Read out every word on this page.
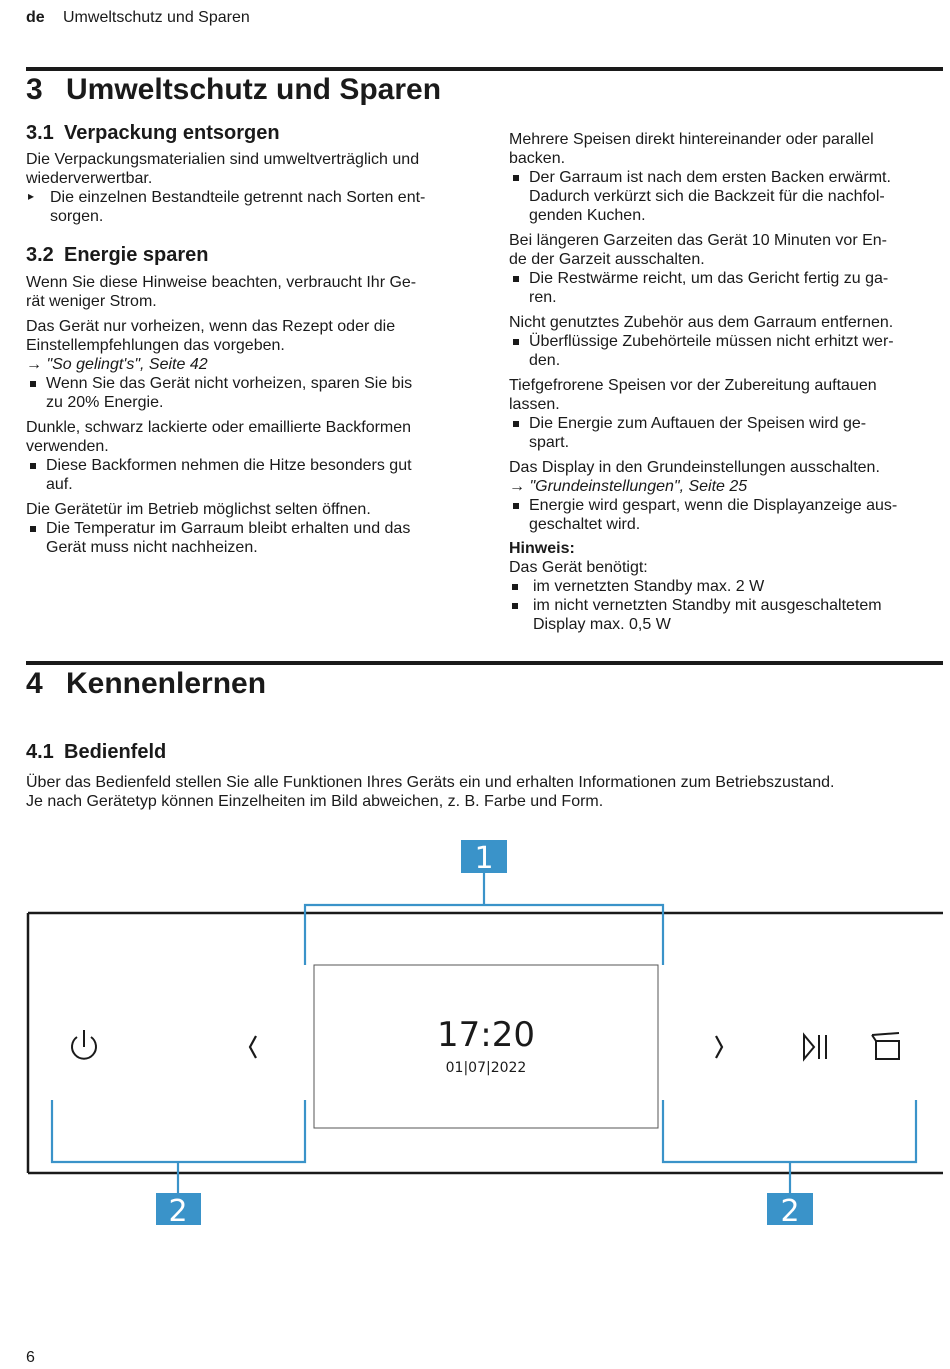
de Umweltschutz und Sparen
3 Umweltschutz und Sparen
3.1 Verpackung entsorgen

Die Verpackungsmaterialien sind umweltverträglich und
wiederverwertbar.

▸ Die einzelnen Bestandteile getrennt nach Sorten ent-
sorgen.

3.2 Energie sparen

Wenn Sie diese Hinweise beachten, verbraucht Ihr Ge-
rät weniger Strom.

Das Gerät nur vorheizen, wenn das Rezept oder die
Einstellempfehlungen das vorgeben.

→ "So gelingt's", Seite 42

Wenn Sie das Gerät nicht vorheizen, sparen Sie bis
zu 20% Energie.

Dunkle, schwarz lackierte oder emaillierte Backformen
verwenden.

Diese Backformen nehmen die Hitze besonders gut
auf.

Die Gerätetür im Betrieb möglichst selten öffnen.

Die Temperatur im Garraum bleibt erhalten und das
Gerät muss nicht nachheizen.

Mehrere Speisen direkt hintereinander oder parallel
backen.

Der Garraum ist nach dem ersten Backen erwärmt.
Dadurch verkürzt sich die Backzeit für die nachfol-
genden Kuchen.

Bei längeren Garzeiten das Gerät 10 Minuten vor En-
de der Garzeit ausschalten.

Die Restwärme reicht, um das Gericht fertig zu ga-
ren.

Nicht genutztes Zubehör aus dem Garraum entfernen.

Überflüssige Zubehörteile müssen nicht erhitzt wer-
den.

Tiefgefrorene Speisen vor der Zubereitung auftauen
lassen.

Die Energie zum Auftauen der Speisen wird ge-
spart.

Das Display in den Grundeinstellungen ausschalten.

→ "Grundeinstellungen", Seite 25

Energie wird gespart, wenn die Displayanzeige aus-
geschaltet wird.

Hinweis:

Das Gerät benötigt:

im vernetzten Standby max. 2 W

im nicht vernetzten Standby mit ausgeschaltetem
Display max. 0,5 W

4 Kennenlernen
4.1 Bedienfeld
Über das Bedienfeld stellen Sie alle Funktionen Ihres Geräts ein und erhalten Informationen zum Betriebszustand.
Je nach Gerätetyp können Einzelheiten im Bild abweichen, z. B. Farbe und Form.
17:20
01|07|2022
1
2	2
6
